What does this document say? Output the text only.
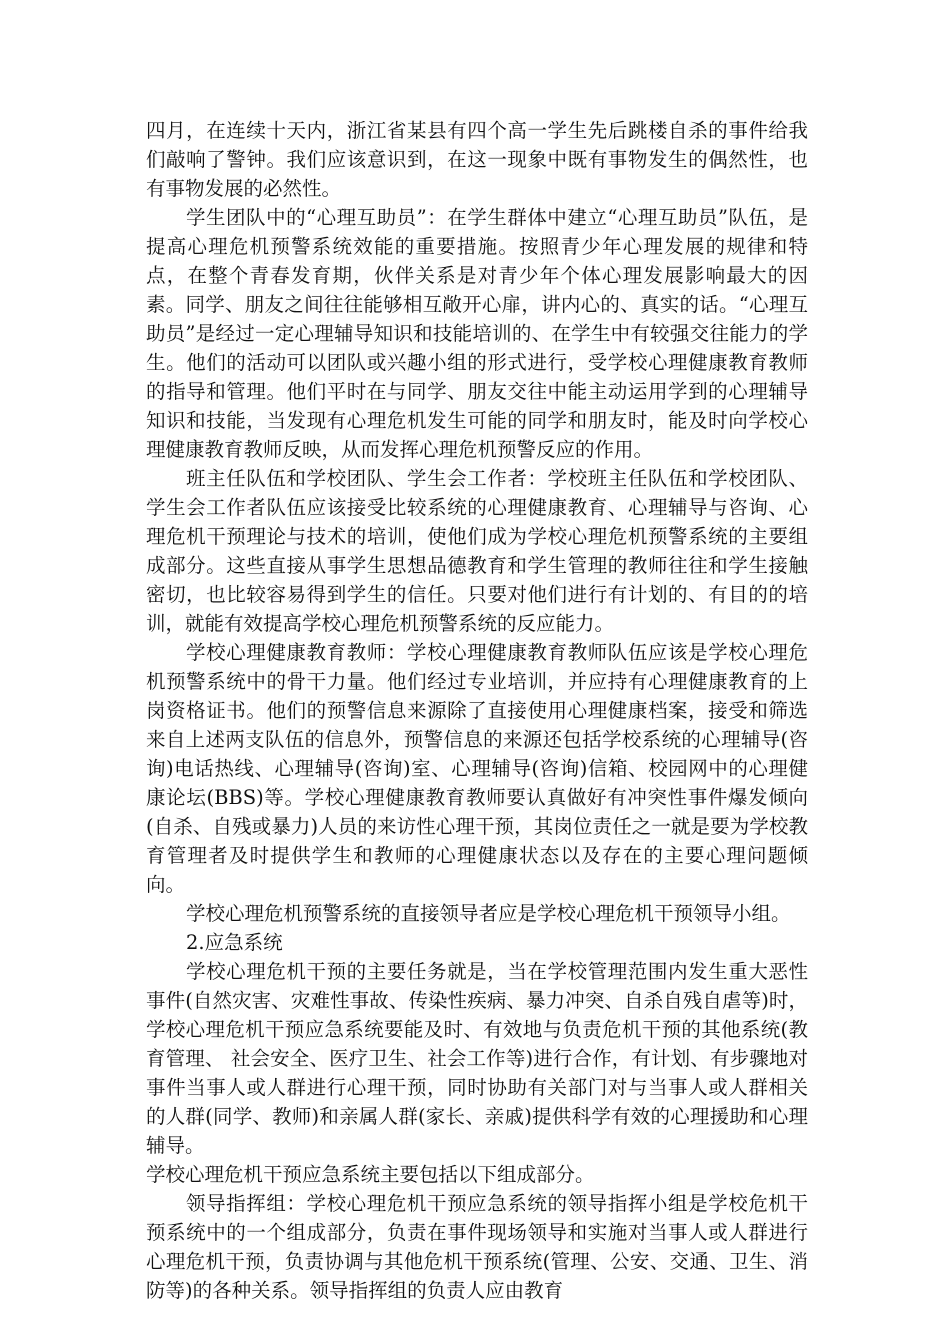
四月，在连续十天内，浙江省某县有四个高一学生先后跳楼自杀的事件给我们敲响了警钟。我们应该意识到，在这一现象中既有事物发生的偶然性，也有事物发展的必然性。

学生团队中的“心理互助员”：在学生群体中建立“心理互助员”队伍，是提高心理危机预警系统效能的重要措施。按照青少年心理发展的规律和特点，在整个青春发育期，伙伴关系是对青少年个体心理发展影响最大的因素。同学、朋友之间往往能够相互敞开心扉，讲内心的、真实的话。“心理互助员”是经过一定心理辅导知识和技能培训的、在学生中有较强交往能力的学生。他们的活动可以团队或兴趣小组的形式进行，受学校心理健康教育教师的指导和管理。他们平时在与同学、朋友交往中能主动运用学到的心理辅导知识和技能，当发现有心理危机发生可能的同学和朋友时，能及时向学校心理健康教育教师反映，从而发挥心理危机预警反应的作用。

班主任队伍和学校团队、学生会工作者：学校班主任队伍和学校团队、学生会工作者队伍应该接受比较系统的心理健康教育、心理辅导与咨询、心理危机干预理论与技术的培训，使他们成为学校心理危机预警系统的主要组成部分。这些直接从事学生思想品德教育和学生管理的教师往往和学生接触密切，也比较容易得到学生的信任。只要对他们进行有计划的、有目的的培训，就能有效提高学校心理危机预警系统的反应能力。

学校心理健康教育教师：学校心理健康教育教师队伍应该是学校心理危机预警系统中的骨干力量。他们经过专业培训，并应持有心理健康教育的上岗资格证书。他们的预警信息来源除了直接使用心理健康档案，接受和筛选来自上述两支队伍的信息外，预警信息的来源还包括学校系统的心理辅导(咨询)电话热线、心理辅导(咨询)室、心理辅导(咨询)信箱、校园网中的心理健康论坛(BBS)等。学校心理健康教育教师要认真做好有冲突性事件爆发倾向(自杀、自残或暴力)人员的来访性心理干预，其岗位责任之一就是要为学校教育管理者及时提供学生和教师的心理健康状态以及存在的主要心理问题倾向。

学校心理危机预警系统的直接领导者应是学校心理危机干预领导小组。

2.应急系统

学校心理危机干预的主要任务就是，当在学校管理范围内发生重大恶性事件(自然灾害、灾难性事故、传染性疾病、暴力冲突、自杀自残自虐等)时，学校心理危机干预应急系统要能及时、有效地与负责危机干预的其他系统(教育管理、 社会安全、医疗卫生、社会工作等)进行合作，有计划、有步骤地对事件当事人或人群进行心理干预，同时协助有关部门对与当事人或人群相关的人群(同学、教师)和亲属人群(家长、亲戚)提供科学有效的心理援助和心理辅导。

学校心理危机干预应急系统主要包括以下组成部分。

领导指挥组：学校心理危机干预应急系统的领导指挥小组是学校危机干预系统中的一个组成部分，负责在事件现场领导和实施对当事人或人群进行心理危机干预，负责协调与其他危机干预系统(管理、公安、交通、卫生、消防等)的各种关系。领导指挥组的负责人应由教育
